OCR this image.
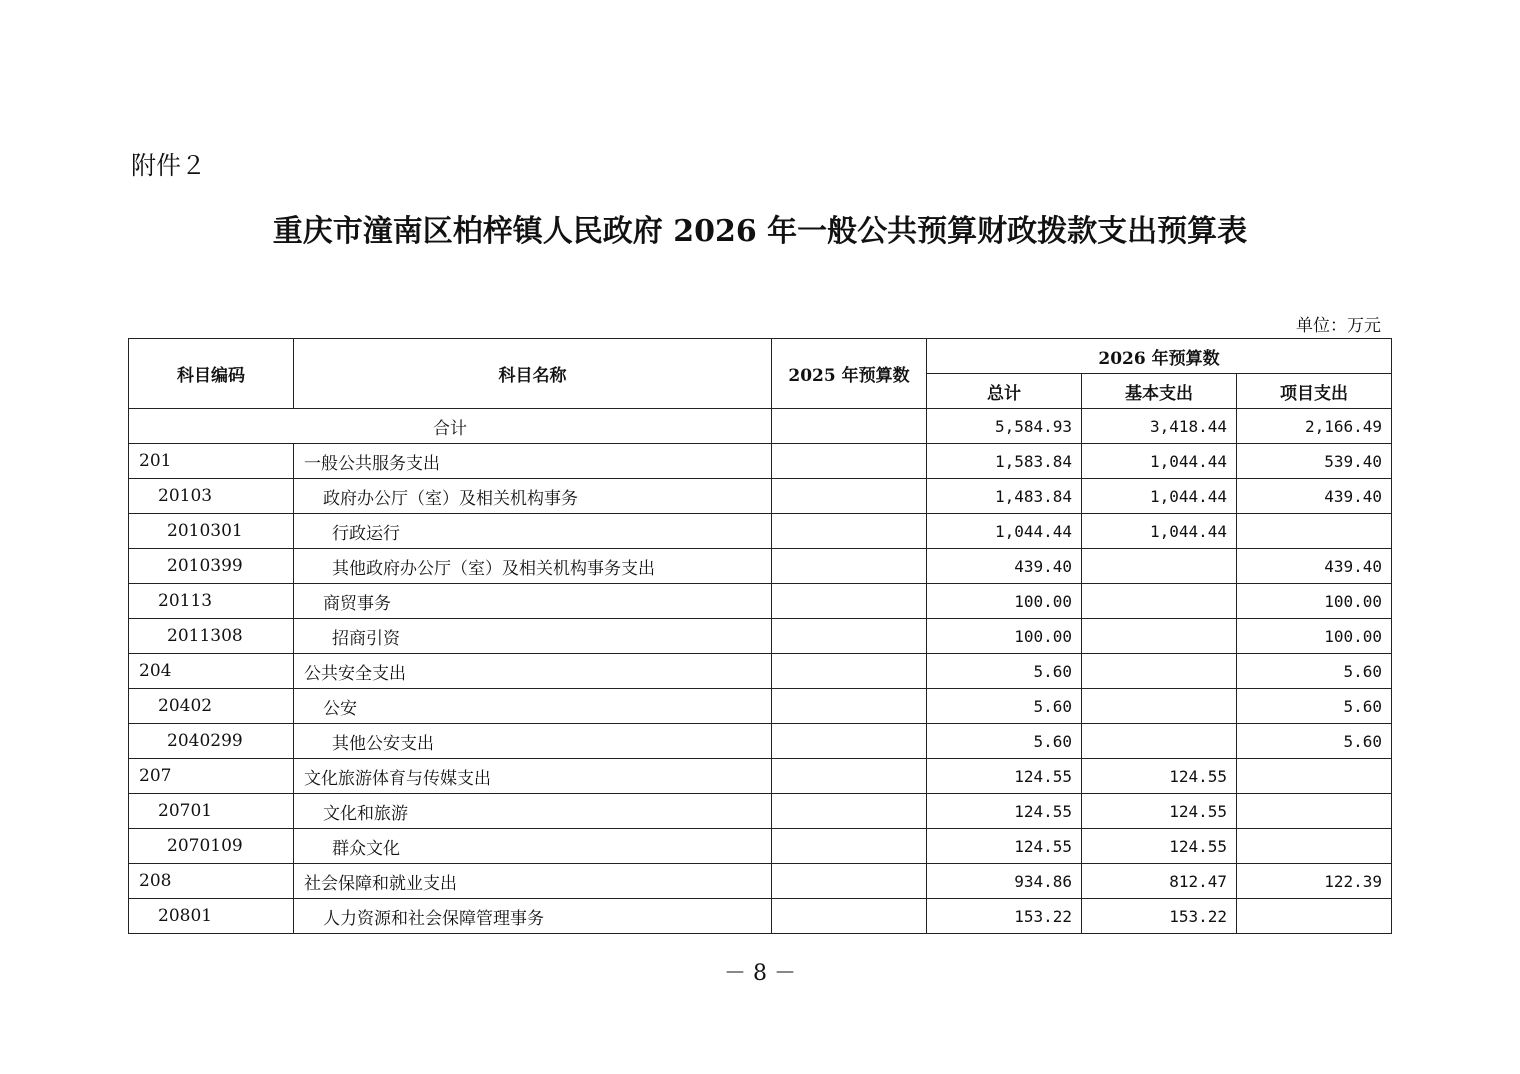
附件２
重庆市潼南区柏梓镇人民政府 2026 年一般公共预算财政拨款支出预算表
单位：万元
科目编码	科目名称	2025 年预算数	2026 年预算数		
			总计	基本支出	项目支出
合计			5,584.93	3,418.44	2,166.49
201	一般公共服务支出		1,583.84	1,044.44	539.40
20103	政府办公厅（室）及相关机构事务		1,483.84	1,044.44	439.40
2010301	行政运行		1,044.44	1,044.44	
2010399	其他政府办公厅（室）及相关机构事务支出		439.40		439.40
20113	商贸事务		100.00		100.00
2011308	招商引资		100.00		100.00
204	公共安全支出		5.60		5.60
20402	公安		5.60		5.60
2040299	其他公安支出		5.60		5.60
207	文化旅游体育与传媒支出		124.55	124.55	
20701	文化和旅游		124.55	124.55	
2070109	群众文化		124.55	124.55	
208	社会保障和就业支出		934.86	812.47	122.39
20801	人力资源和社会保障管理事务		153.22	153.22	
－ 8 －
